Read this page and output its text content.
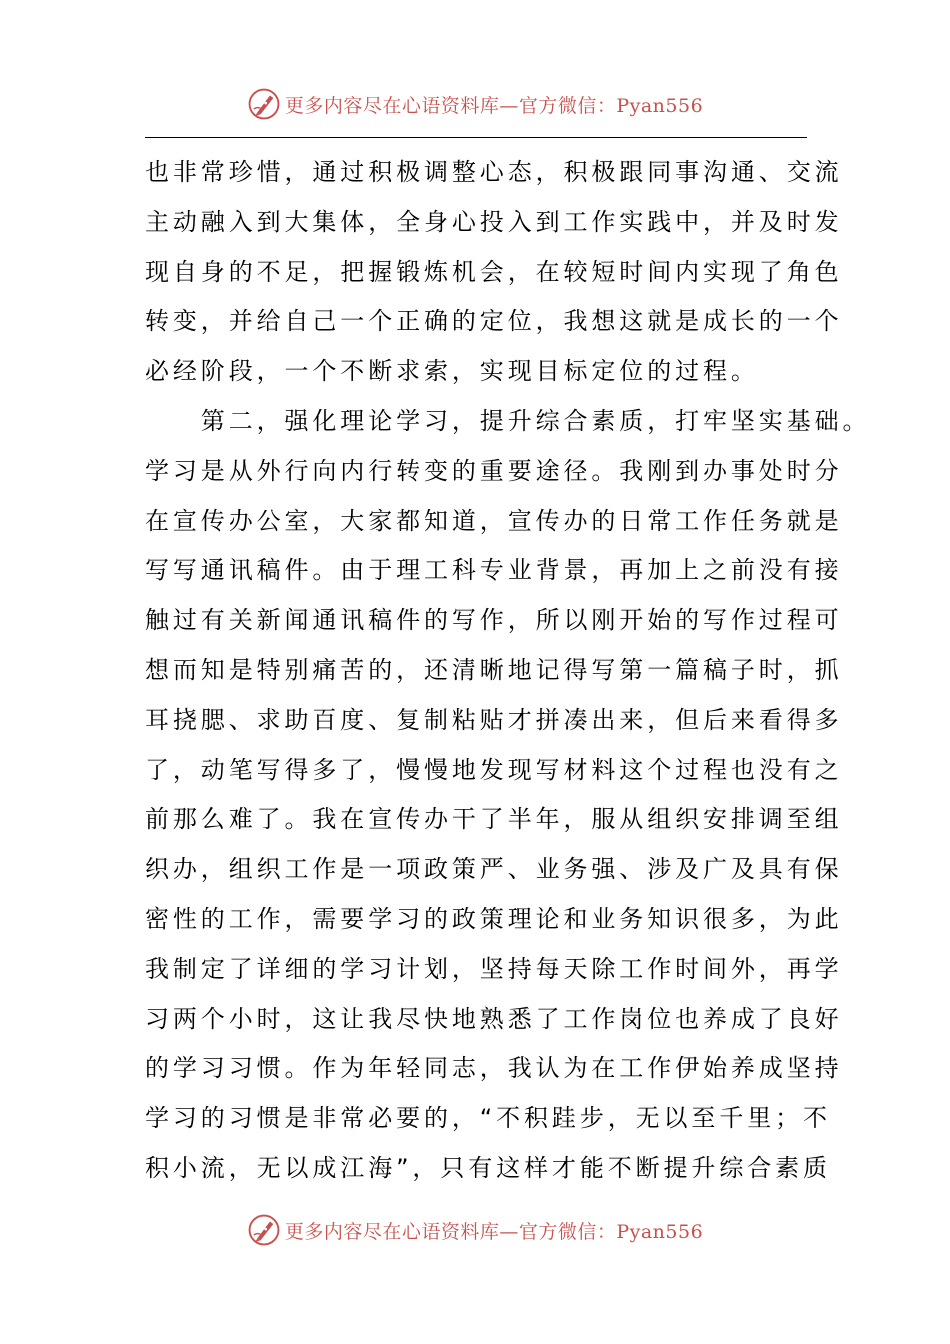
更多内容尽在心语资料库—官方微信：Pyan556
也非常珍惜，通过积极调整心态，积极跟同事沟通、交流
主动融入到大集体，全身心投入到工作实践中，并及时发
现自身的不足，把握锻炼机会，在较短时间内实现了角色
转变，并给自己一个正确的定位，我想这就是成长的一个
必经阶段，一个不断求索，实现目标定位的过程。
　　第二，强化理论学习，提升综合素质，打牢坚实基础。
学习是从外行向内行转变的重要途径。我刚到办事处时分
在宣传办公室，大家都知道，宣传办的日常工作任务就是
写写通讯稿件。由于理工科专业背景，再加上之前没有接
触过有关新闻通讯稿件的写作，所以刚开始的写作过程可
想而知是特别痛苦的，还清晰地记得写第一篇稿子时，抓
耳挠腮、求助百度、复制粘贴才拼凑出来，但后来看得多
了，动笔写得多了，慢慢地发现写材料这个过程也没有之
前那么难了。我在宣传办干了半年，服从组织安排调至组
织办，组织工作是一项政策严、业务强、涉及广及具有保
密性的工作，需要学习的政策理论和业务知识很多，为此
我制定了详细的学习计划，坚持每天除工作时间外，再学
习两个小时，这让我尽快地熟悉了工作岗位也养成了良好
的学习习惯。作为年轻同志，我认为在工作伊始养成坚持
学习的习惯是非常必要的，“不积跬步，无以至千里；不
积小流，无以成江海”，只有这样才能不断提升综合素质
更多内容尽在心语资料库—官方微信：Pyan556
